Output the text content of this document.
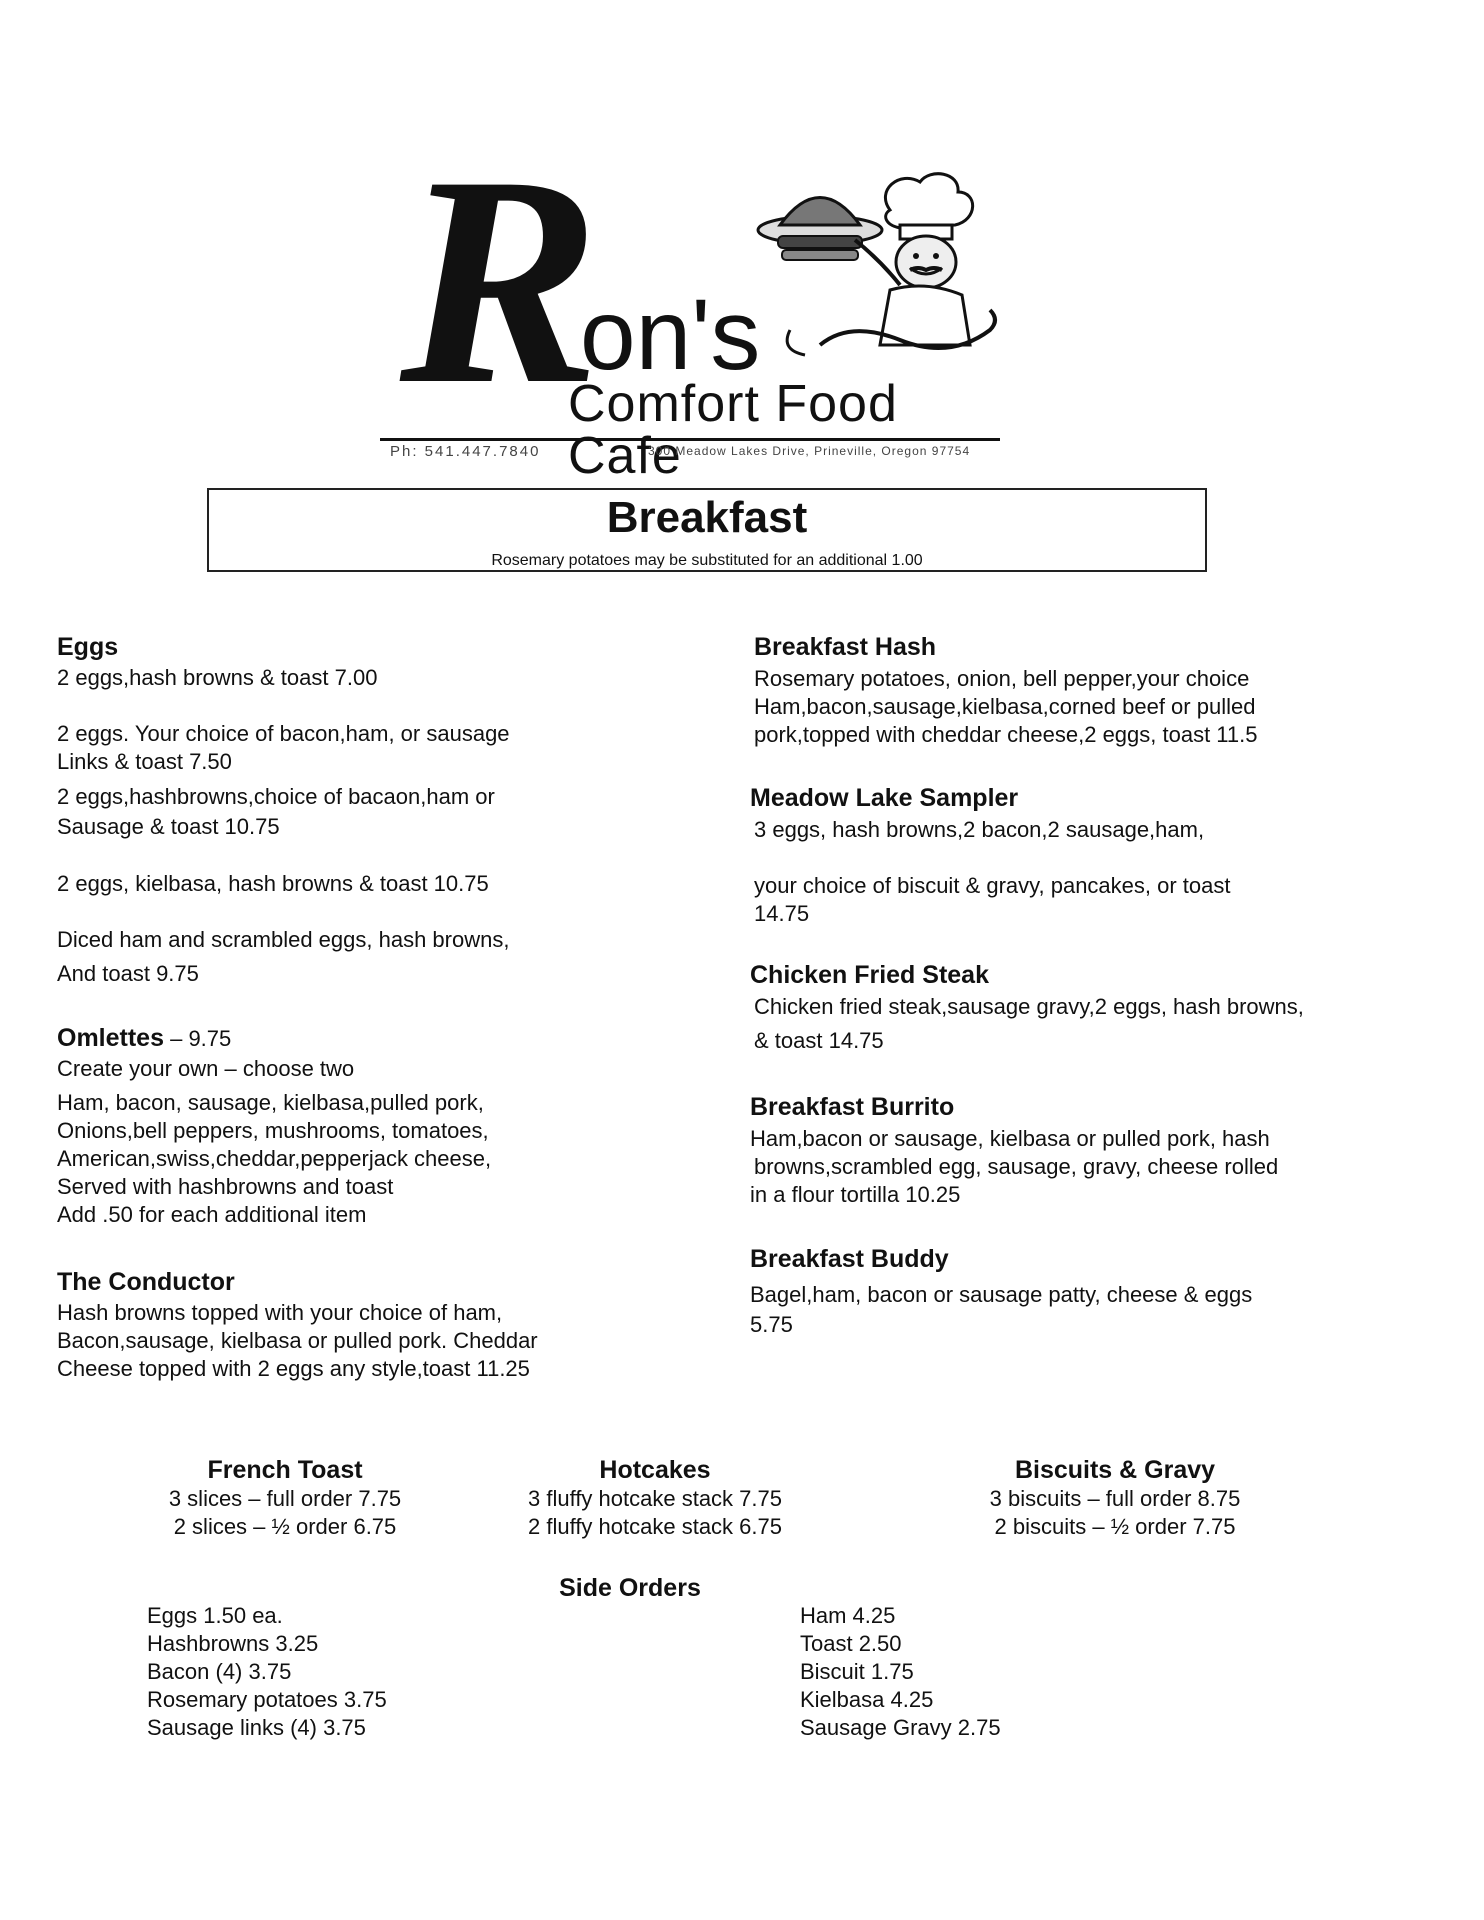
R
on's
Comfort Food Cafe
Ph: 541.447.7840	300 Meadow Lakes Drive, Prineville, Oregon 97754
Breakfast
Rosemary potatoes may be substituted for an additional 1.00
Eggs
2 eggs,hash browns & toast 7.00
2 eggs. Your choice of bacon,ham, or sausage
Links & toast 7.50
2 eggs,hashbrowns,choice of bacaon,ham or
Sausage & toast 10.75
2 eggs, kielbasa, hash browns & toast 10.75
Diced ham and scrambled eggs, hash browns,
And toast 9.75
Omlettes – 9.75
Create your own – choose two
Ham, bacon, sausage, kielbasa,pulled pork,
Onions,bell peppers, mushrooms, tomatoes,
American,swiss,cheddar,pepperjack cheese,
Served with hashbrowns and toast
Add .50 for each additional item
The Conductor
Hash browns topped with your choice of ham,
Bacon,sausage, kielbasa or pulled pork. Cheddar
Cheese topped with 2 eggs any style,toast 11.25
Breakfast Hash
Rosemary potatoes, onion, bell pepper,your choice
Ham,bacon,sausage,kielbasa,corned beef or pulled
pork,topped with cheddar cheese,2 eggs, toast 11.5
Meadow Lake Sampler
3 eggs, hash browns,2 bacon,2 sausage,ham,
your choice of biscuit & gravy, pancakes, or toast
14.75
Chicken Fried Steak
Chicken fried steak,sausage gravy,2 eggs, hash browns,
& toast 14.75
Breakfast Burrito
Ham,bacon or sausage, kielbasa or pulled pork, hash
browns,scrambled egg, sausage, gravy, cheese rolled
in a flour tortilla 10.25
Breakfast Buddy
Bagel,ham, bacon or sausage patty, cheese & eggs
5.75
French Toast
3 slices – full order 7.75
2 slices – ½ order 6.75
Hotcakes
3 fluffy hotcake stack 7.75
2 fluffy hotcake stack 6.75
Biscuits & Gravy
3 biscuits – full order 8.75
2 biscuits – ½ order 7.75
Side Orders
Eggs 1.50 ea.
Hashbrowns 3.25
Bacon (4) 3.75
Rosemary potatoes 3.75
Sausage links (4) 3.75
Ham 4.25
Toast 2.50
Biscuit 1.75
Kielbasa 4.25
Sausage Gravy 2.75
